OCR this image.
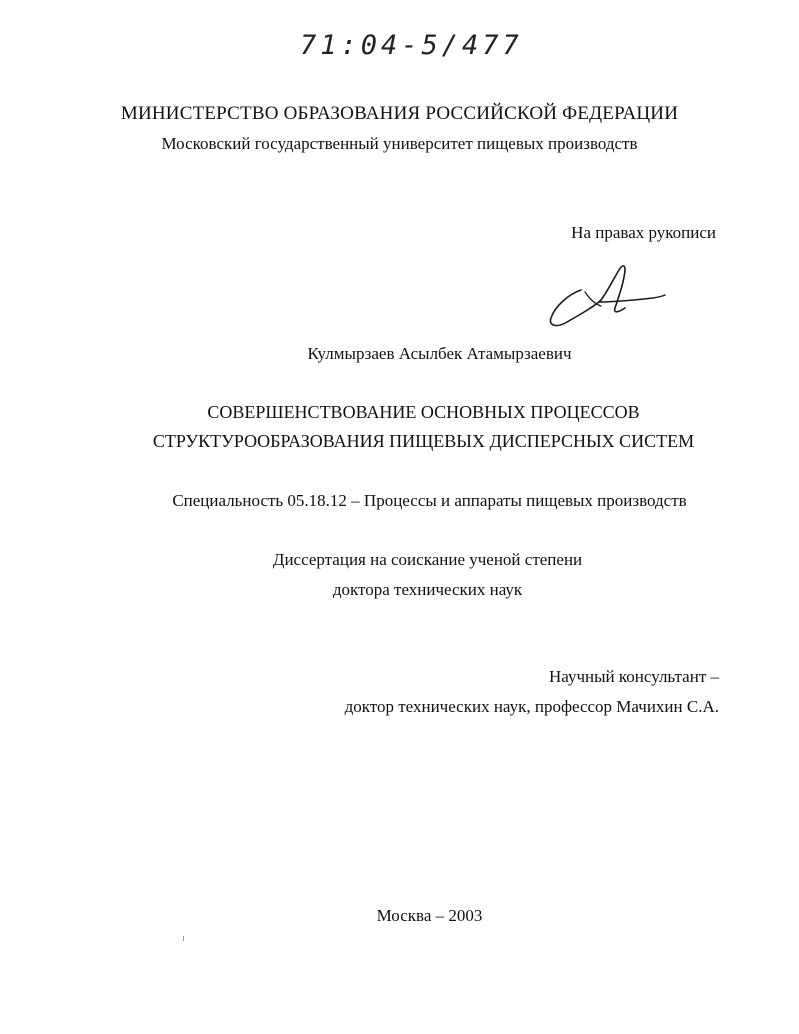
71:04-5/477
МИНИСТЕРСТВО ОБРАЗОВАНИЯ РОССИЙСКОЙ ФЕДЕРАЦИИ
Московский государственный университет пищевых производств
На правах рукописи
Кулмырзаев Асылбек Атамырзаевич
СОВЕРШЕНСТВОВАНИЕ ОСНОВНЫХ ПРОЦЕССОВ
СТРУКТУРООБРАЗОВАНИЯ ПИЩЕВЫХ ДИСПЕРСНЫХ СИСТЕМ
Специальность 05.18.12 – Процессы и аппараты пищевых производств
Диссертация на соискание ученой степени
доктора технических наук
Научный консультант –
доктор технических наук, профессор Мачихин С.А.
Москва – 2003
